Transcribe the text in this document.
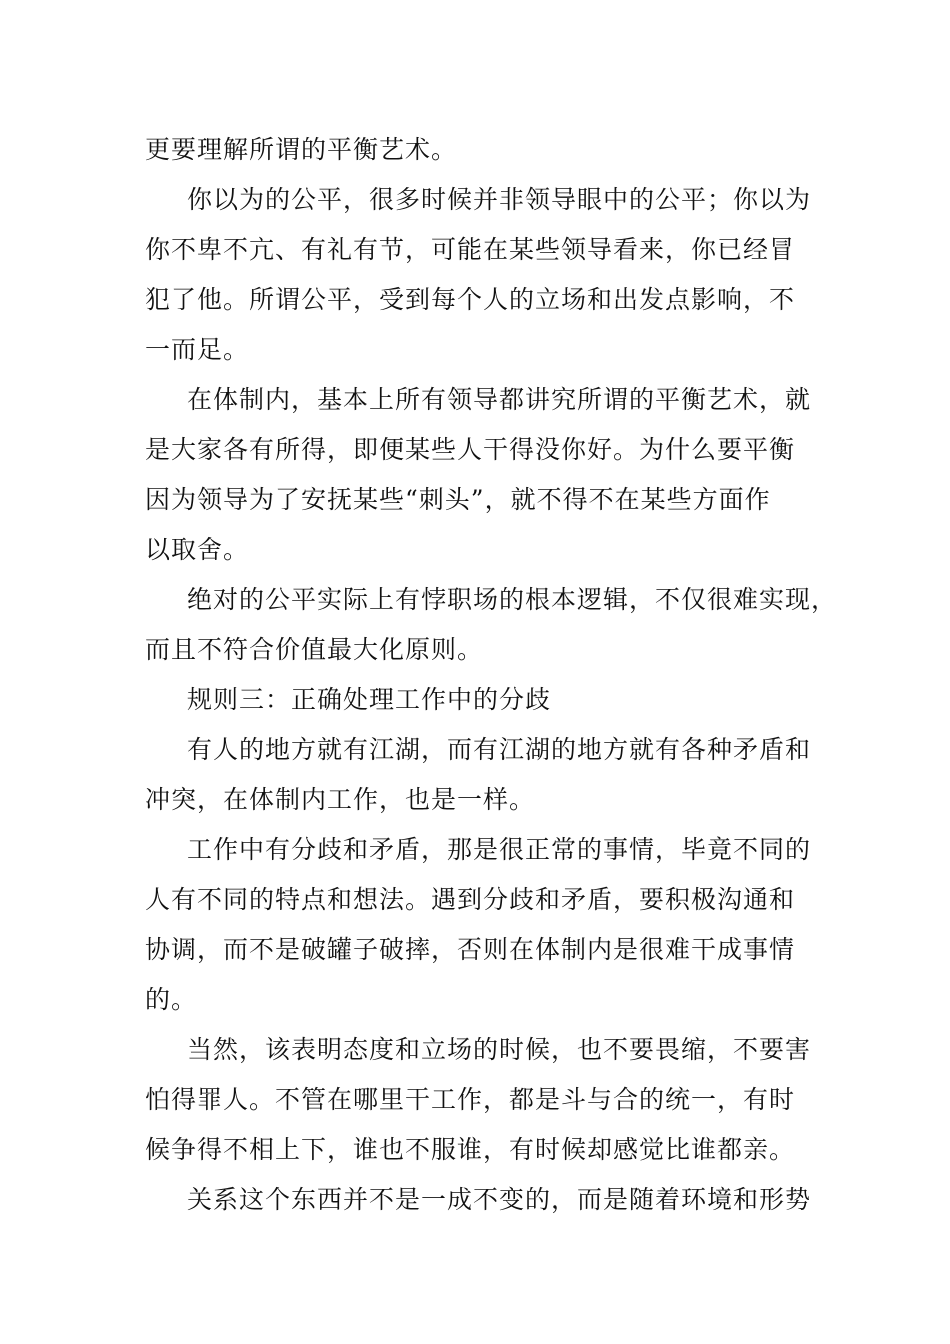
更要理解所谓的平衡艺术。
你以为的公平，很多时候并非领导眼中的公平；你以为
你不卑不亢、有礼有节，可能在某些领导看来，你已经冒
犯了他。所谓公平，受到每个人的立场和出发点影响，不
一而足。
在体制内，基本上所有领导都讲究所谓的平衡艺术，就
是大家各有所得，即便某些人干得没你好。为什么要平衡
因为领导为了安抚某些“刺头”，就不得不在某些方面作
以取舍。
绝对的公平实际上有悖职场的根本逻辑，不仅很难实现，
而且不符合价值最大化原则。
规则三：正确处理工作中的分歧
有人的地方就有江湖，而有江湖的地方就有各种矛盾和
冲突，在体制内工作，也是一样。
工作中有分歧和矛盾，那是很正常的事情，毕竟不同的
人有不同的特点和想法。遇到分歧和矛盾，要积极沟通和
协调，而不是破罐子破摔，否则在体制内是很难干成事情
的。
当然，该表明态度和立场的时候，也不要畏缩，不要害
怕得罪人。不管在哪里干工作，都是斗与合的统一，有时
候争得不相上下，谁也不服谁，有时候却感觉比谁都亲。
关系这个东西并不是一成不变的，而是随着环境和形势
